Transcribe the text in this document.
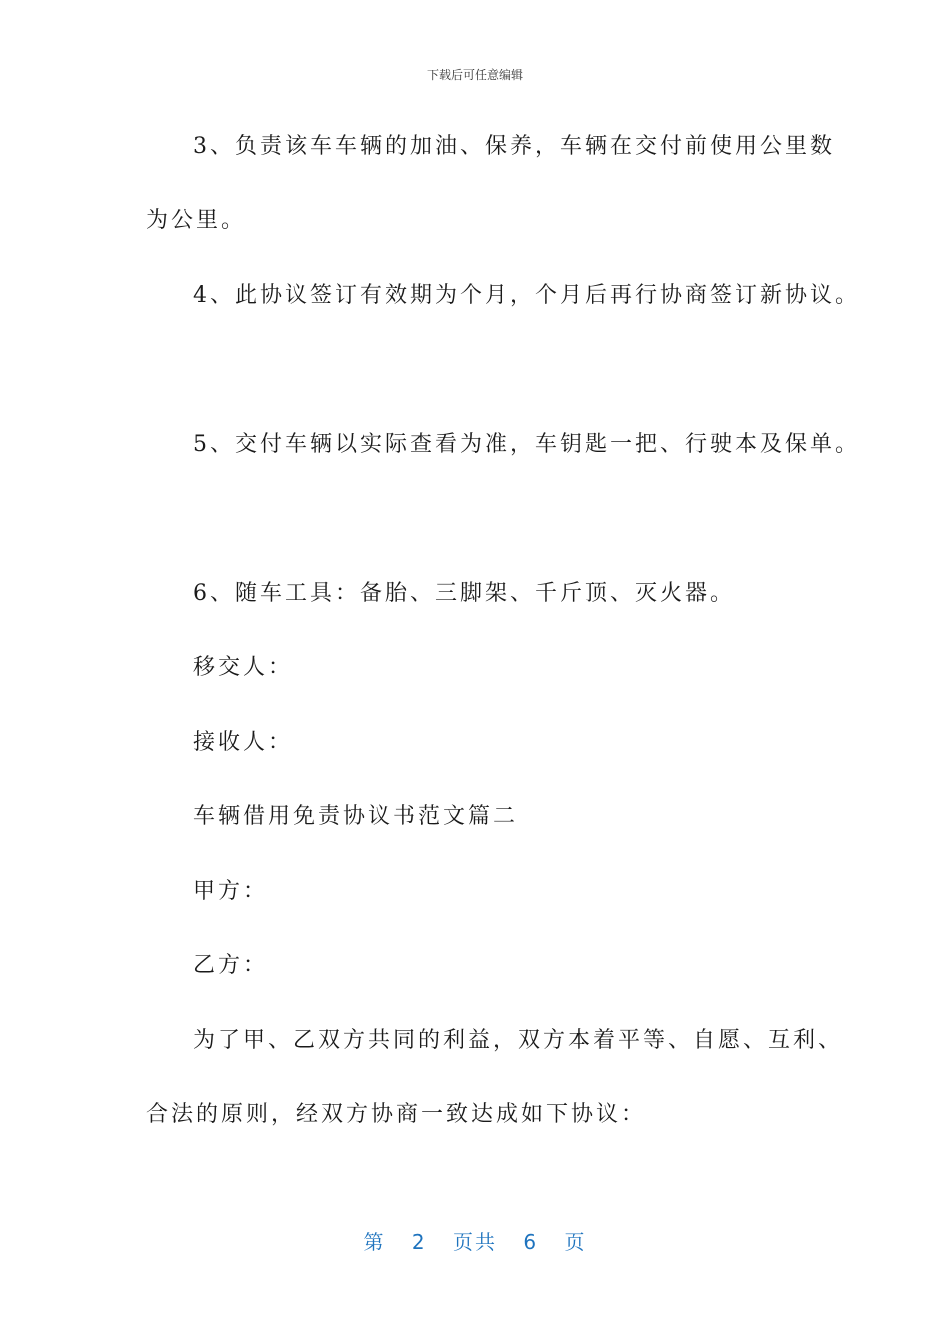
下载后可任意编辑
3、负责该车车辆的加油、保养，车辆在交付前使用公里数
为公里。
4、此协议签订有效期为个月，个月后再行协商签订新协议。
5、交付车辆以实际查看为准，车钥匙一把、行驶本及保单。
6、随车工具：备胎、三脚架、千斤顶、灭火器。
移交人：
接收人：
车辆借用免责协议书范文篇二
甲方：
乙方：
为了甲、乙双方共同的利益，双方本着平等、自愿、互利、
合法的原则，经双方协商一致达成如下协议：
第 2 页共 6 页
